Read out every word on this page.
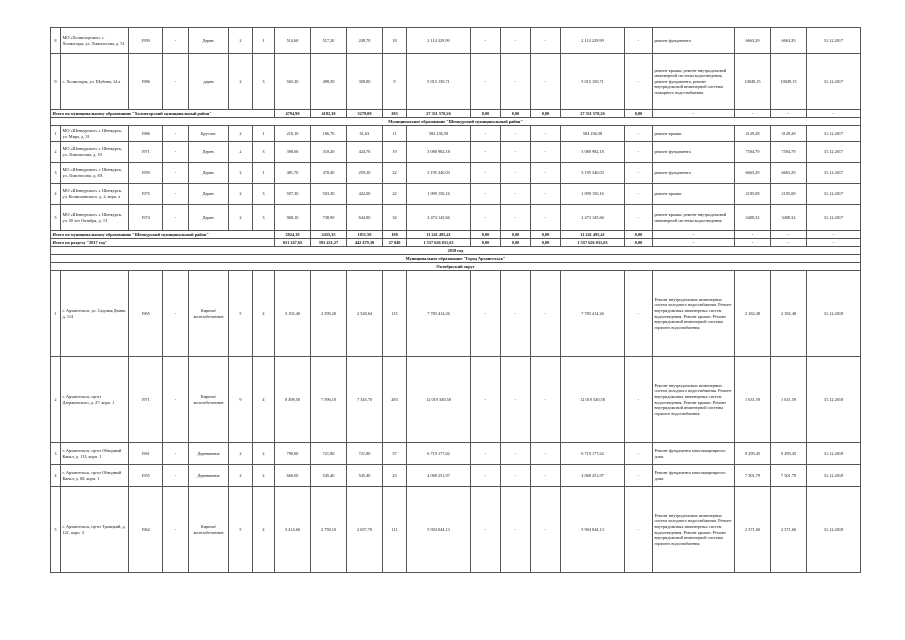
8	МО «Холмогорское» с. Холмогоры, ул. Ломоносова, д. 51	1959	-	Дерев.	2	1	514,60	517,20	249,70	18	2 114 229,99	-	-	-	2 114 229,99	-	ремонт фундамента	6663,29	6663,29	31.12.2017
9	с. Холмогоры, ул. Шубина, 14 а	1986	-	дерев	2	3	565,20	498,50	308,80	9	5 015 150,71	-	-	-	5 015 150,71	-	ремонт крыши, ремонт внутридомовой инженерной системы водоотведения, ремонт фундамента, ремонт внутридомовой инженерной системы пожарного водоснабжения	10049,15	10049,15	31.12.2017
Итого по муниципальному образованию "Холмогорский муниципальный район"							4794,90	4182,30	3279,00	205	27 311 570,26	0,00	0,00	0,00	27 311 570,26	0,00	-	-	-	-
Муниципальное образование "Шенкурский муниципальный район"																				
1	МО «Шенкурское» г. Шенкурск, ул. Мира, д. 31	1986	-	Брусчат.	2	1	216,10	186,70	61,63	11	584 236,58	-	-	-	584 236,58	-	ремонт крыши	3129,28	3129,28	31.12.2017
2	МО «Шенкурское» г. Шенкурск, ул. Ломоносова, д. 10	1971	-	Дерев.	2	3	390,60	318,20	424,70	19	3 080 982,18	-	-	-	3 080 982,18	-	ремонт фундамента	7504,79	7504,79	31.12.2017
3	МО «Шенкурское» г. Шенкурск, ул. Ломоносова, д. 8А	1959	-	Дерев.	2	1	481,70	478,40	259,20	22	3 195 340,03	-	-	-	3 195 340,03	-	ремонт фундамента	6663,29	6663,29	31.12.2017
4	МО «Шенкурское» г. Шенкурск, ул. Кочмолинского, д. 2, корп. а	1975	-	Дерев.	2	3	597,30	503,30	422,00	22	1 099 150,16	-	-	-	1 099 150,16	-	ремонт крыши	2185,08	2185,08	31.12.2017
5	МО «Шенкурское» г. Шенкурск, ул. 50 лет Октября, д. 13	1974	-	Дерев.	2	3	968,10	738,90	644,80	34	2 473 145,66	-	-	-	2 473 145,66	-	ремонт крыши, ремонт внутридомовой инженерной системы водоотведения	3408,32	3408,32	31.12.2017
Итого по муниципальному образованию "Шенкурский муниципальный район"							2824,10	2455,35	1811,50	108	11 241 495,41	0,00	0,00	0,00	11 241 495,41	0,00	-	-	-	-
Итого по разделу "2017 год"							651 247,65	593 431,27	442 479,30	27 040	1 557 626 031,63	0,00	0,00	0,00	1 557 626 031,63	0,00	-	-	-	-
2018 год																				
Муниципальное образование "Город Архангельск"																				
Октябрьский округ																				
1	г. Архангельск, ул. Садовая Двина, д. 114	1965	-	Кирпич/ железобетонные	5	4	3 192,40	2 599,20	2 528,64	115	7 783 414,26	-	-	-	7 783 414,26	-	Ремонт внутридомовых инженерных систем холодного водоснабжения. Ремонт внутридомовых инженерных систем водоотведения. Ремонт крыши. Ремонт внутридомовой инженерной системы горячего водоснабжения	2 182,48	2 182,48	31.12.2018
2	г. Архангельск, пр-кт Дзержинского, д. 27, корп. 1	1971	-	Кирпич/ железобетонные	9	4	8 498,50	7 596,10	7 345,70	283	12 019 340,58	-	-	-	12 019 340,58	-	Ремонт внутридомовых инженерных систем холодного водоснабжения. Ремонт внутридомовых инженерных систем водоотведения. Ремонт крыши. Ремонт внутридомовой инженерной системы горячего водоснабжения	1 631,59	1 631,59	31.12.2018
3	г. Архангельск, пр-кт Обводный Канал, д. 113, корп. 1	1961	-	Деревянные	2	2	790,60	721,80	721,80	37	6 719 177,62	-	-	-	6 719 177,62	-	Ремонт фундамента многоквартирного дома	9 299,45	9 299,45	31.12.2018
4	г. Архангельск, пр-кт Обводный Канал, д. 68, корп. 1	1955	-	Деревянные	2	2	660,00	545,40	545,40	23	4 068 251,97	-	-	-	4 068 251,97	-	Ремонт фундамента многоквартирного дома	7 501,79	7 501,79	31.12.2018
5	г. Архангельск, пр-кт Троицкий, д. 121, корп. 3	1962	-	Кирпич/ железобетонные	5	4	3 414,60	2 758,10	2 657,70	111	5 904 044,13	-	-	-	5 904 044,13	-	Ремонт внутридомовых инженерных систем холодного водоснабжения. Ремонт внутридомовых инженерных систем водоотведения. Ремонт крыши. Ремонт внутридомовой инженерной системы горячего водоснабжения	2 371,60	2 371,60	31.12.2018
